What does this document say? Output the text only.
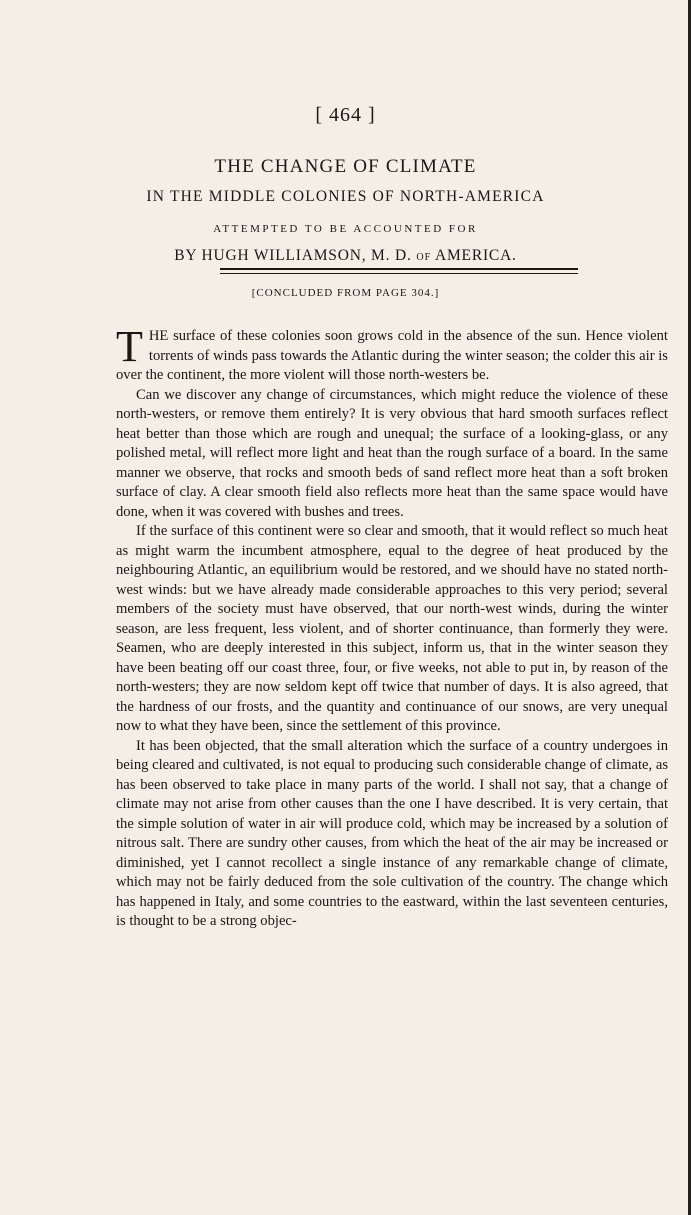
[ 464 ]
THE CHANGE OF CLIMATE
IN THE MIDDLE COLONIES OF NORTH-AMERICA
ATTEMPTED TO BE ACCOUNTED FOR
BY HUGH WILLIAMSON, M. D. OF AMERICA.
[CONCLUDED FROM PAGE 304.]

THE surface of these colonies soon grows cold in the absence of the sun. Hence violent torrents of winds pass towards the Atlantic during the winter season; the colder this air is over the continent, the more violent will those north-westers be.

Can we discover any change of circumstances, which might reduce the violence of these north-westers, or remove them entirely? It is very obvious that hard smooth surfaces reflect heat better than those which are rough and unequal; the surface of a looking-glass, or any polished metal, will reflect more light and heat than the rough surface of a board. In the same manner we observe, that rocks and smooth beds of sand reflect more heat than a soft broken surface of clay. A clear smooth field also reflects more heat than the same space would have done, when it was covered with bushes and trees.

If the surface of this continent were so clear and smooth, that it would reflect so much heat as might warm the incumbent atmosphere, equal to the degree of heat produced by the neighbouring Atlantic, an equilibrium would be restored, and we should have no stated north-west winds: but we have already made considerable approaches to this very period; several members of the society must have observed, that our north-west winds, during the winter season, are less frequent, less violent, and of shorter continuance, than formerly they were. Seamen, who are deeply interested in this subject, inform us, that in the winter season they have been beating off our coast three, four, or five weeks, not able to put in, by reason of the north-westers; they are now seldom kept off twice that number of days. It is also agreed, that the hardness of our frosts, and the quantity and continuance of our snows, are very unequal now to what they have been, since the settlement of this province.

It has been objected, that the small alteration which the surface of a country undergoes in being cleared and cultivated, is not equal to producing such considerable change of climate, as has been observed to take place in many parts of the world. I shall not say, that a change of climate may not arise from other causes than the one I have described. It is very certain, that the simple solution of water in air will produce cold, which may be increased by a solution of nitrous salt. There are sundry other causes, from which the heat of the air may be increased or diminished, yet I cannot recollect a single instance of any remarkable change of climate, which may not be fairly deduced from the sole cultivation of the country. The change which has happened in Italy, and some countries to the eastward, within the last seventeen centuries, is thought to be a strong objec-
